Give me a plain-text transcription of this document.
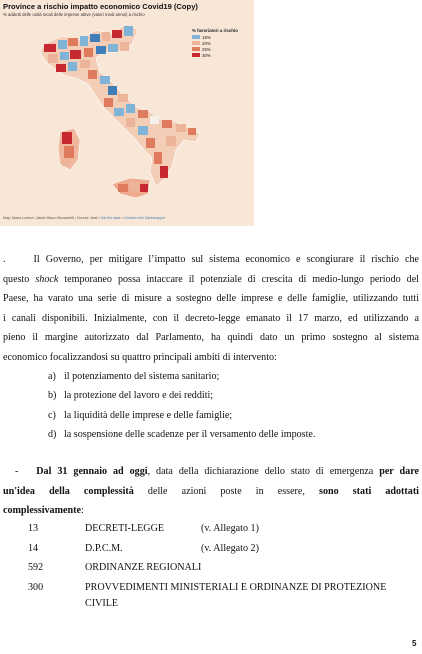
Province a rischio impatto economico Covid19 (Copy)
% addetti delle unità locali delle imprese attive (valori medi annui) a rischio
% favoriatori a rischio
15%
20%
25%
30%
Map: Maria Lorenzi, Jakob Mauro Bucciarelli • Source: Istat • Get the data • Created with Datawrapper
.	Il Governo, per mitigare l’impatto sul sistema economico e scongiurare il rischio che
questo shock temporaneo possa intaccare il potenziale di crescita di medio-lungo periodo del
Paese, ha varato una serie di misure a sostegno delle imprese e delle famiglie, utilizzando tutti
i canali disponibili. Inizialmente, con il decreto-legge emanato il 17 marzo, ed utilizzando a
pieno il margine autorizzato dal Parlamento, ha quindi dato un primo sostegno al sistema
economico focalizzandosi su quattro principali ambiti di intervento:
a) il potenziamento del sistema sanitario;
b) la protezione del lavoro e dei redditi;
c) la liquidità delle imprese e delle famiglie;
d) la sospensione delle scadenze per il versamento delle imposte.
- Dal 31 gennaio ad oggi, data della dichiarazione dello stato di emergenza per dare
un'idea della complessità delle azioni poste in essere, sono stati adottati
complessivamente:
13	DECRETI-LEGGE	(v. Allegato 1)
14	D.P.C.M.	(v. Allegato 2)
592	ORDINANZE REGIONALI
300	PROVVEDIMENTI MINISTERIALI E ORDINANZE DI PROTEZIONE CIVILE
5
